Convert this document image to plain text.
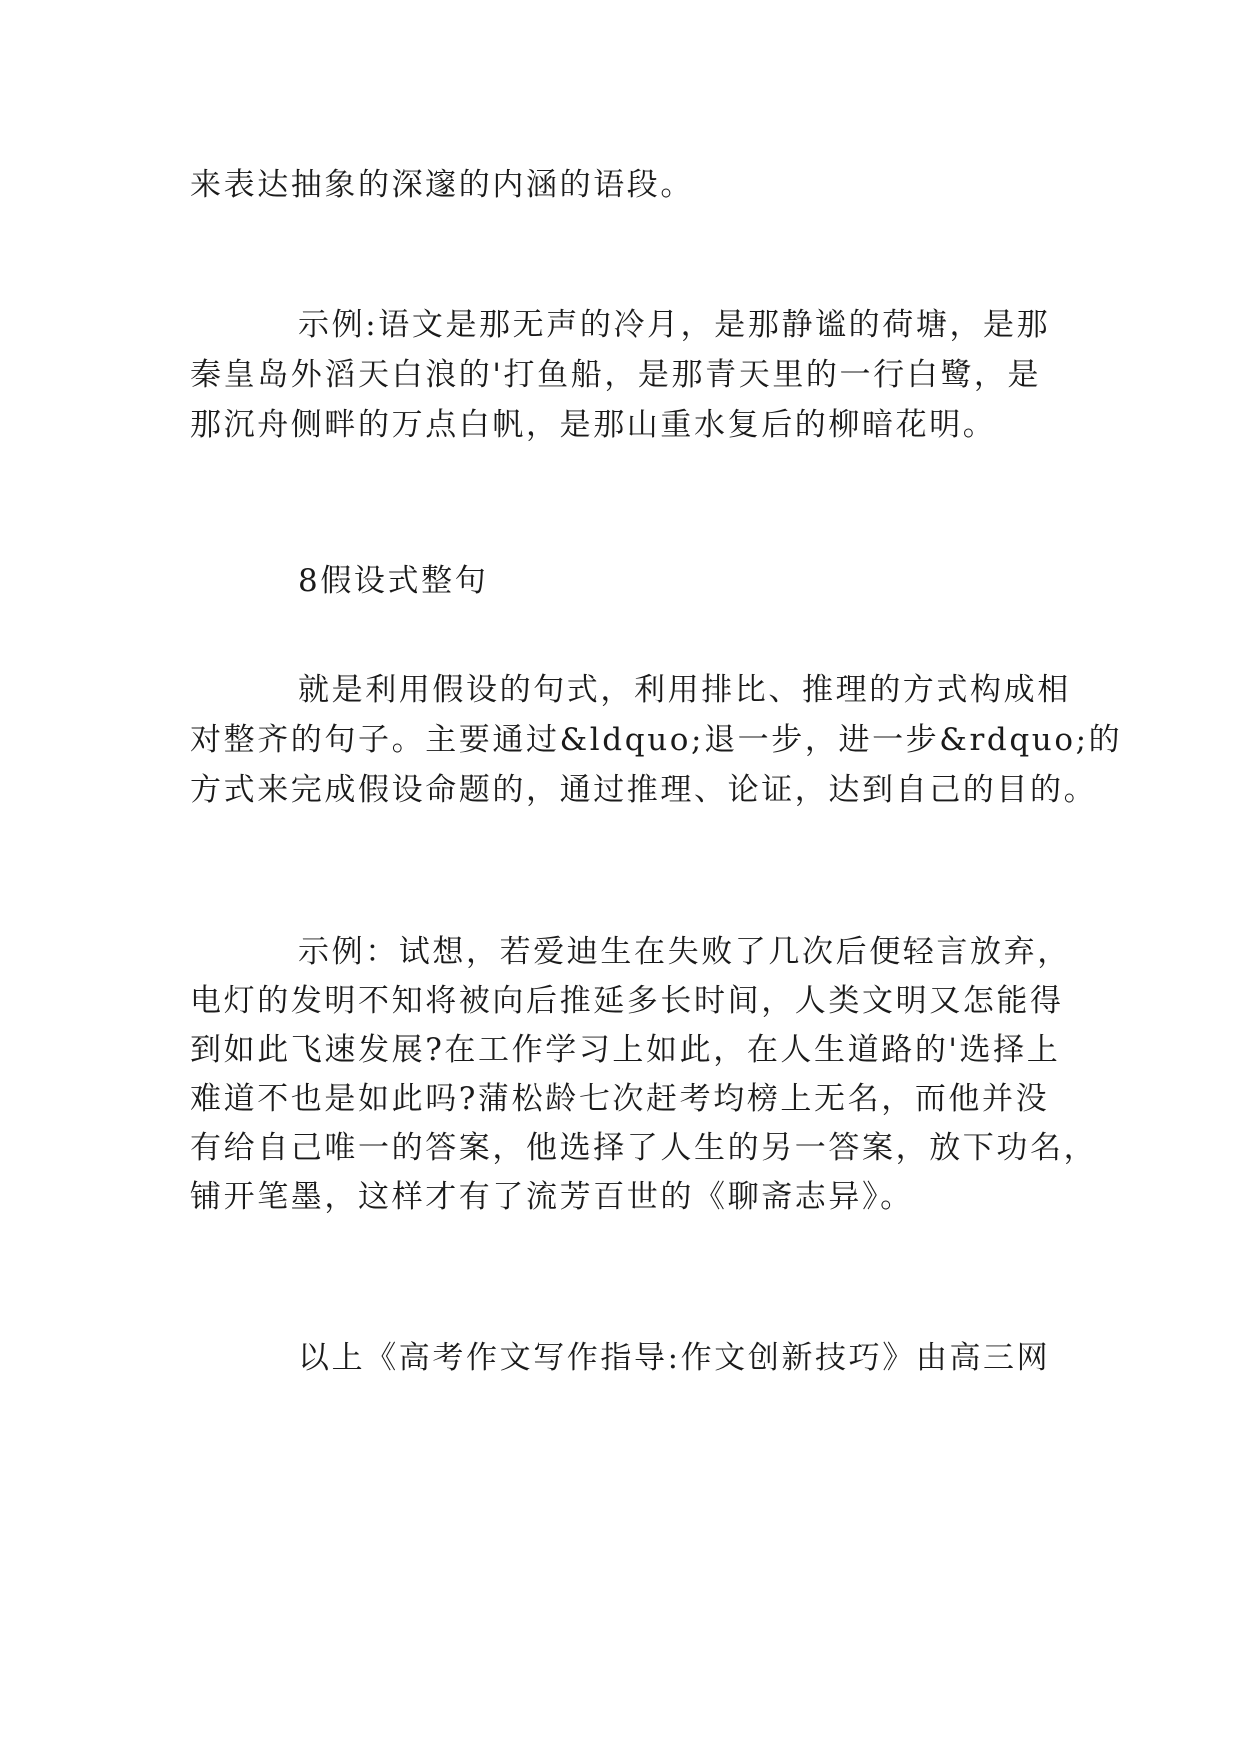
来表达抽象的深邃的内涵的语段。
示例:语文是那无声的冷月，是那静谧的荷塘，是那
秦皇岛外滔天白浪的'打鱼船，是那青天里的一行白鹭，是
那沉舟侧畔的万点白帆，是那山重水复后的柳暗花明。
8假设式整句
就是利用假设的句式，利用排比、推理的方式构成相
对整齐的句子。主要通过&ldquo;退一步，进一步&rdquo;的
方式来完成假设命题的，通过推理、论证，达到自己的目的。
示例：试想，若爱迪生在失败了几次后便轻言放弃，
电灯的发明不知将被向后推延多长时间，人类文明又怎能得
到如此飞速发展?在工作学习上如此，在人生道路的'选择上
难道不也是如此吗?蒲松龄七次赶考均榜上无名，而他并没
有给自己唯一的答案，他选择了人生的另一答案，放下功名，
铺开笔墨，这样才有了流芳百世的《聊斋志异》。
以上《高考作文写作指导:作文创新技巧》由高三网
